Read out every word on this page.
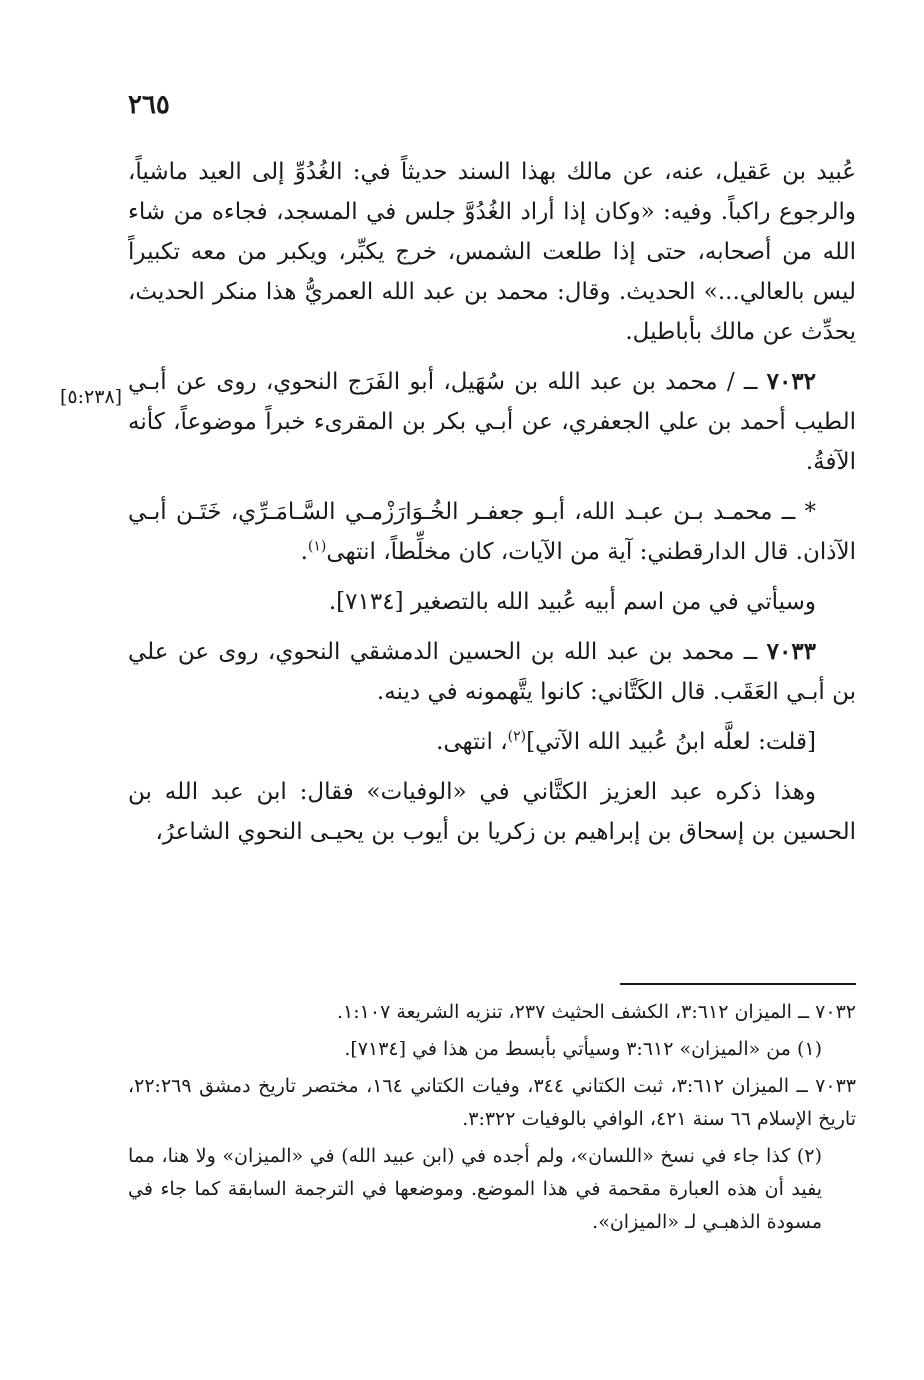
٢٦٥
[٥:٢٣٨]

عُبيد بن عَقيل، عنه، عن مالك بهذا السند حديثاً في: الغُدُوِّ إلى العيد ماشياً، والرجوع راكباً. وفيه: «وكان إذا أراد الغُدُوَّ جلس في المسجد، فجاءه من شاء الله من أصحابه، حتى إذا طلعت الشمس، خرج يكبِّر، ويكبر من معه تكبيراً ليس بالعالي...» الحديث. وقال: محمد بن عبد الله العمريُّ هذا منكر الحديث، يحدِّث عن مالك بأباطيل.

٧٠٣٢ ــ / محمد بن عبد الله بن سُهَيل، أبو الفَرَج النحوي، روى عن أبـي الطيب أحمد بن علي الجعفري، عن أبـي بكر بن المقرىء خبراً موضوعاً، كأنه الآفةُ.

* ــ محمـد بـن عبـد الله، أبـو جعفـر الخُـوَارَزْمـي السَّـامَـرِّي، خَتَـن أبـي الآذان. قال الدارقطني: آية من الآيات، كان مخلِّطاً، انتهى$^{(١)}$.

وسيأتي في من اسم أبيه عُبيد الله بالتصغير [٧١٣٤].

٧٠٣٣ ــ محمد بن عبد الله بن الحسين الدمشقي النحوي، روى عن علي بن أبـي العَقَب. قال الكَتَّاني: كانوا يتَّهمونه في دينه.

[قلت: لعلَّه ابنُ عُبيد الله الآتي]$^{(٢)}$، انتهى.

وهذا ذكره عبد العزيز الكتَّاني في «الوفيات» فقال: ابن عبد الله بن الحسين بن إسحاق بن إبراهيم بن زكريا بن أيوب بن يحيـى النحوي الشاعرُ،

٧٠٣٢ ــ الميزان ٣:٦١٢، الكشف الحثيث ٢٣٧، تنزيه الشريعة ١:١٠٧.

(١) من «الميزان» ٣:٦١٢ وسيأتي بأبسط من هذا في [٧١٣٤].

٧٠٣٣ ــ الميزان ٣:٦١٢، ثبت الكتاني ٣٤٤، وفيات الكتاني ١٦٤، مختصر تاريخ دمشق ٢٢:٢٦٩، تاريخ الإسلام ٦٦ سنة ٤٢١، الوافي بالوفيات ٣:٣٢٢.

(٢) كذا جاء في نسخ «اللسان»، ولم أجده في (ابن عبيد الله) في «الميزان» ولا هنا، مما يفيد أن هذه العبارة مقحمة في هذا الموضع. وموضعها في الترجمة السابقة كما جاء في مسودة الذهبـي لـ «الميزان».
